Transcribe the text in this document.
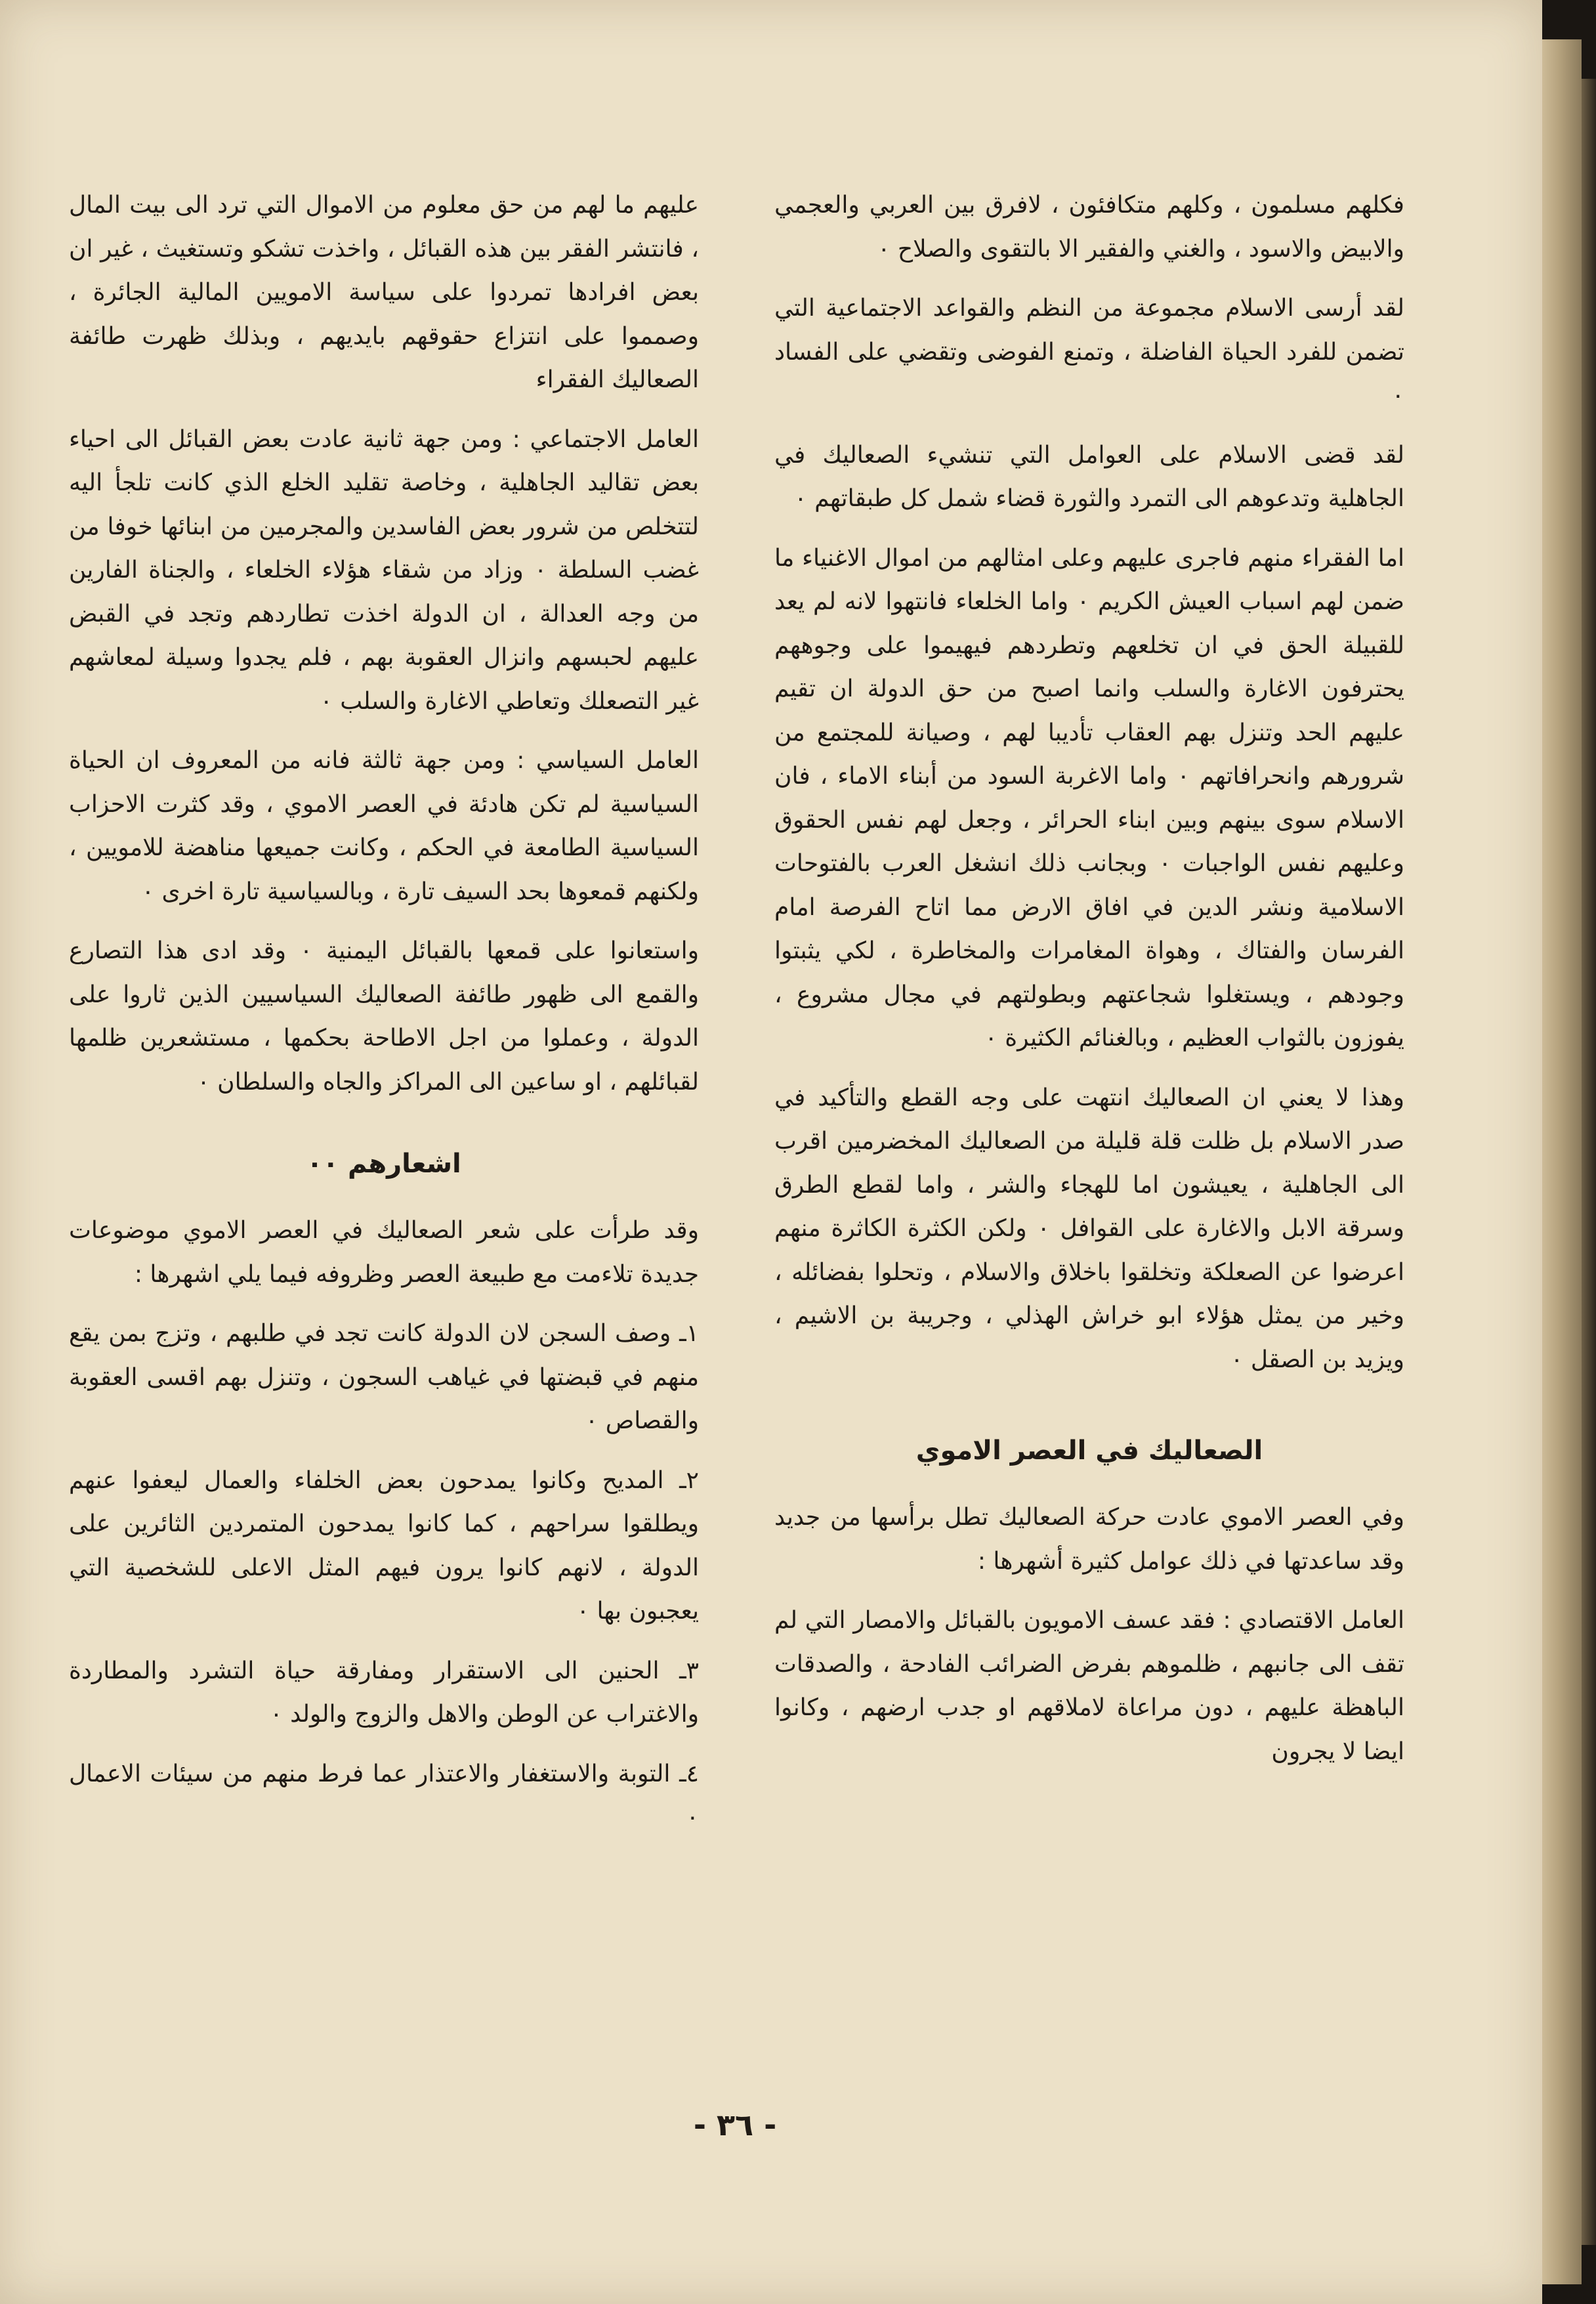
فكلهم مسلمون ، وكلهم متكافئون ، لافرق بين العربي والعجمي والابيض والاسود ، والغني والفقير الا بالتقوى والصلاح ٠

لقد أرسى الاسلام مجموعة من النظم والقواعد الاجتماعية التي تضمن للفرد الحياة الفاضلة ، وتمنع الفوضى وتقضي على الفساد ٠

لقد قضى الاسلام على العوامل التي تنشيء الصعاليك في الجاهلية وتدعوهم الى التمرد والثورة قضاء شمل كل طبقاتهم ٠

اما الفقراء منهم فاجرى عليهم وعلى امثالهم من اموال الاغنياء ما ضمن لهم اسباب العيش الكريم ٠ واما الخلعاء فانتهوا لانه لم يعد للقبيلة الحق في ان تخلعهم وتطردهم فيهيموا على وجوههم يحترفون الاغارة والسلب وانما اصبح من حق الدولة ان تقيم عليهم الحد وتنزل بهم العقاب تأديبا لهم ، وصيانة للمجتمع من شرورهم وانحرافاتهم ٠ واما الاغربة السود من أبناء الاماء ، فان الاسلام سوى بينهم وبين ابناء الحرائر ، وجعل لهم نفس الحقوق وعليهم نفس الواجبات ٠ وبجانب ذلك انشغل العرب بالفتوحات الاسلامية ونشر الدين في افاق الارض مما اتاح الفرصة امام الفرسان والفتاك ، وهواة المغامرات والمخاطرة ، لكي يثبتوا وجودهم ، ويستغلوا شجاعتهم وبطولتهم في مجال مشروع ، يفوزون بالثواب العظيم ، وبالغنائم الكثيرة ٠

وهذا لا يعني ان الصعاليك انتهت على وجه القطع والتأكيد في صدر الاسلام بل ظلت قلة قليلة من الصعاليك المخضرمين اقرب الى الجاهلية ، يعيشون اما للهجاء والشر ، واما لقطع الطرق وسرقة الابل والاغارة على القوافل ٠ ولكن الكثرة الكاثرة منهم اعرضوا عن الصعلكة وتخلقوا باخلاق والاسلام ، وتحلوا بفضائله ، وخير من يمثل هؤلاء ابو خراش الهذلي ، وجريبة بن الاشيم ، ويزيد بن الصقل ٠

الصعاليك في العصر الاموي

وفي العصر الاموي عادت حركة الصعاليك تطل برأسها من جديد وقد ساعدتها في ذلك عوامل كثيرة أشهرها :

العامل الاقتصادي : فقد عسف الامويون بالقبائل والامصار التي لم تقف الى جانبهم ، ظلموهم بفرض الضرائب الفادحة ، والصدقات الباهظة عليهم ، دون مراعاة لاملاقهم او جدب ارضهم ، وكانوا ايضا لا يجرون

عليهم ما لهم من حق معلوم من الاموال التي ترد الى بيت المال ، فانتشر الفقر بين هذه القبائل ، واخذت تشكو وتستغيث ، غير ان بعض افرادها تمردوا على سياسة الامويين المالية الجائرة ، وصمموا على انتزاع حقوقهم بايديهم ، وبذلك ظهرت طائفة الصعاليك الفقراء

العامل الاجتماعي : ومن جهة ثانية عادت بعض القبائل الى احياء بعض تقاليد الجاهلية ، وخاصة تقليد الخلع الذي كانت تلجأ اليه لتتخلص من شرور بعض الفاسدين والمجرمين من ابنائها خوفا من غضب السلطة ٠ وزاد من شقاء هؤلاء الخلعاء ، والجناة الفارين من وجه العدالة ، ان الدولة اخذت تطاردهم وتجد في القبض عليهم لحبسهم وانزال العقوبة بهم ، فلم يجدوا وسيلة لمعاشهم غير التصعلك وتعاطي الاغارة والسلب ٠

العامل السياسي : ومن جهة ثالثة فانه من المعروف ان الحياة السياسية لم تكن هادئة في العصر الاموي ، وقد كثرت الاحزاب السياسية الطامعة في الحكم ، وكانت جميعها مناهضة للامويين ، ولكنهم قمعوها بحد السيف تارة ، وبالسياسية تارة اخرى ٠

واستعانوا على قمعها بالقبائل اليمنية ٠ وقد ادى هذا التصارع والقمع الى ظهور طائفة الصعاليك السياسيين الذين ثاروا على الدولة ، وعملوا من اجل الاطاحة بحكمها ، مستشعرين ظلمها لقبائلهم ، او ساعين الى المراكز والجاه والسلطان ٠

اشعارهم ٠٠

وقد طرأت على شعر الصعاليك في العصر الاموي موضوعات جديدة تلاءمت مع طبيعة العصر وظروفه فيما يلي اشهرها :

١ـ وصف السجن لان الدولة كانت تجد في طلبهم ، وتزج بمن يقع منهم في قبضتها في غياهب السجون ، وتنزل بهم اقسى العقوبة والقصاص ٠

٢ـ المديح وكانوا يمدحون بعض الخلفاء والعمال ليعفوا عنهم ويطلقوا سراحهم ، كما كانوا يمدحون المتمردين الثائرين على الدولة ، لانهم كانوا يرون فيهم المثل الاعلى للشخصية التي يعجبون بها ٠

٣ـ الحنين الى الاستقرار ومفارقة حياة التشرد والمطاردة والاغتراب عن الوطن والاهل والزوج والولد ٠

٤ـ التوبة والاستغفار والاعتذار عما فرط منهم من سيئات الاعمال ٠

- ٣٦ -
